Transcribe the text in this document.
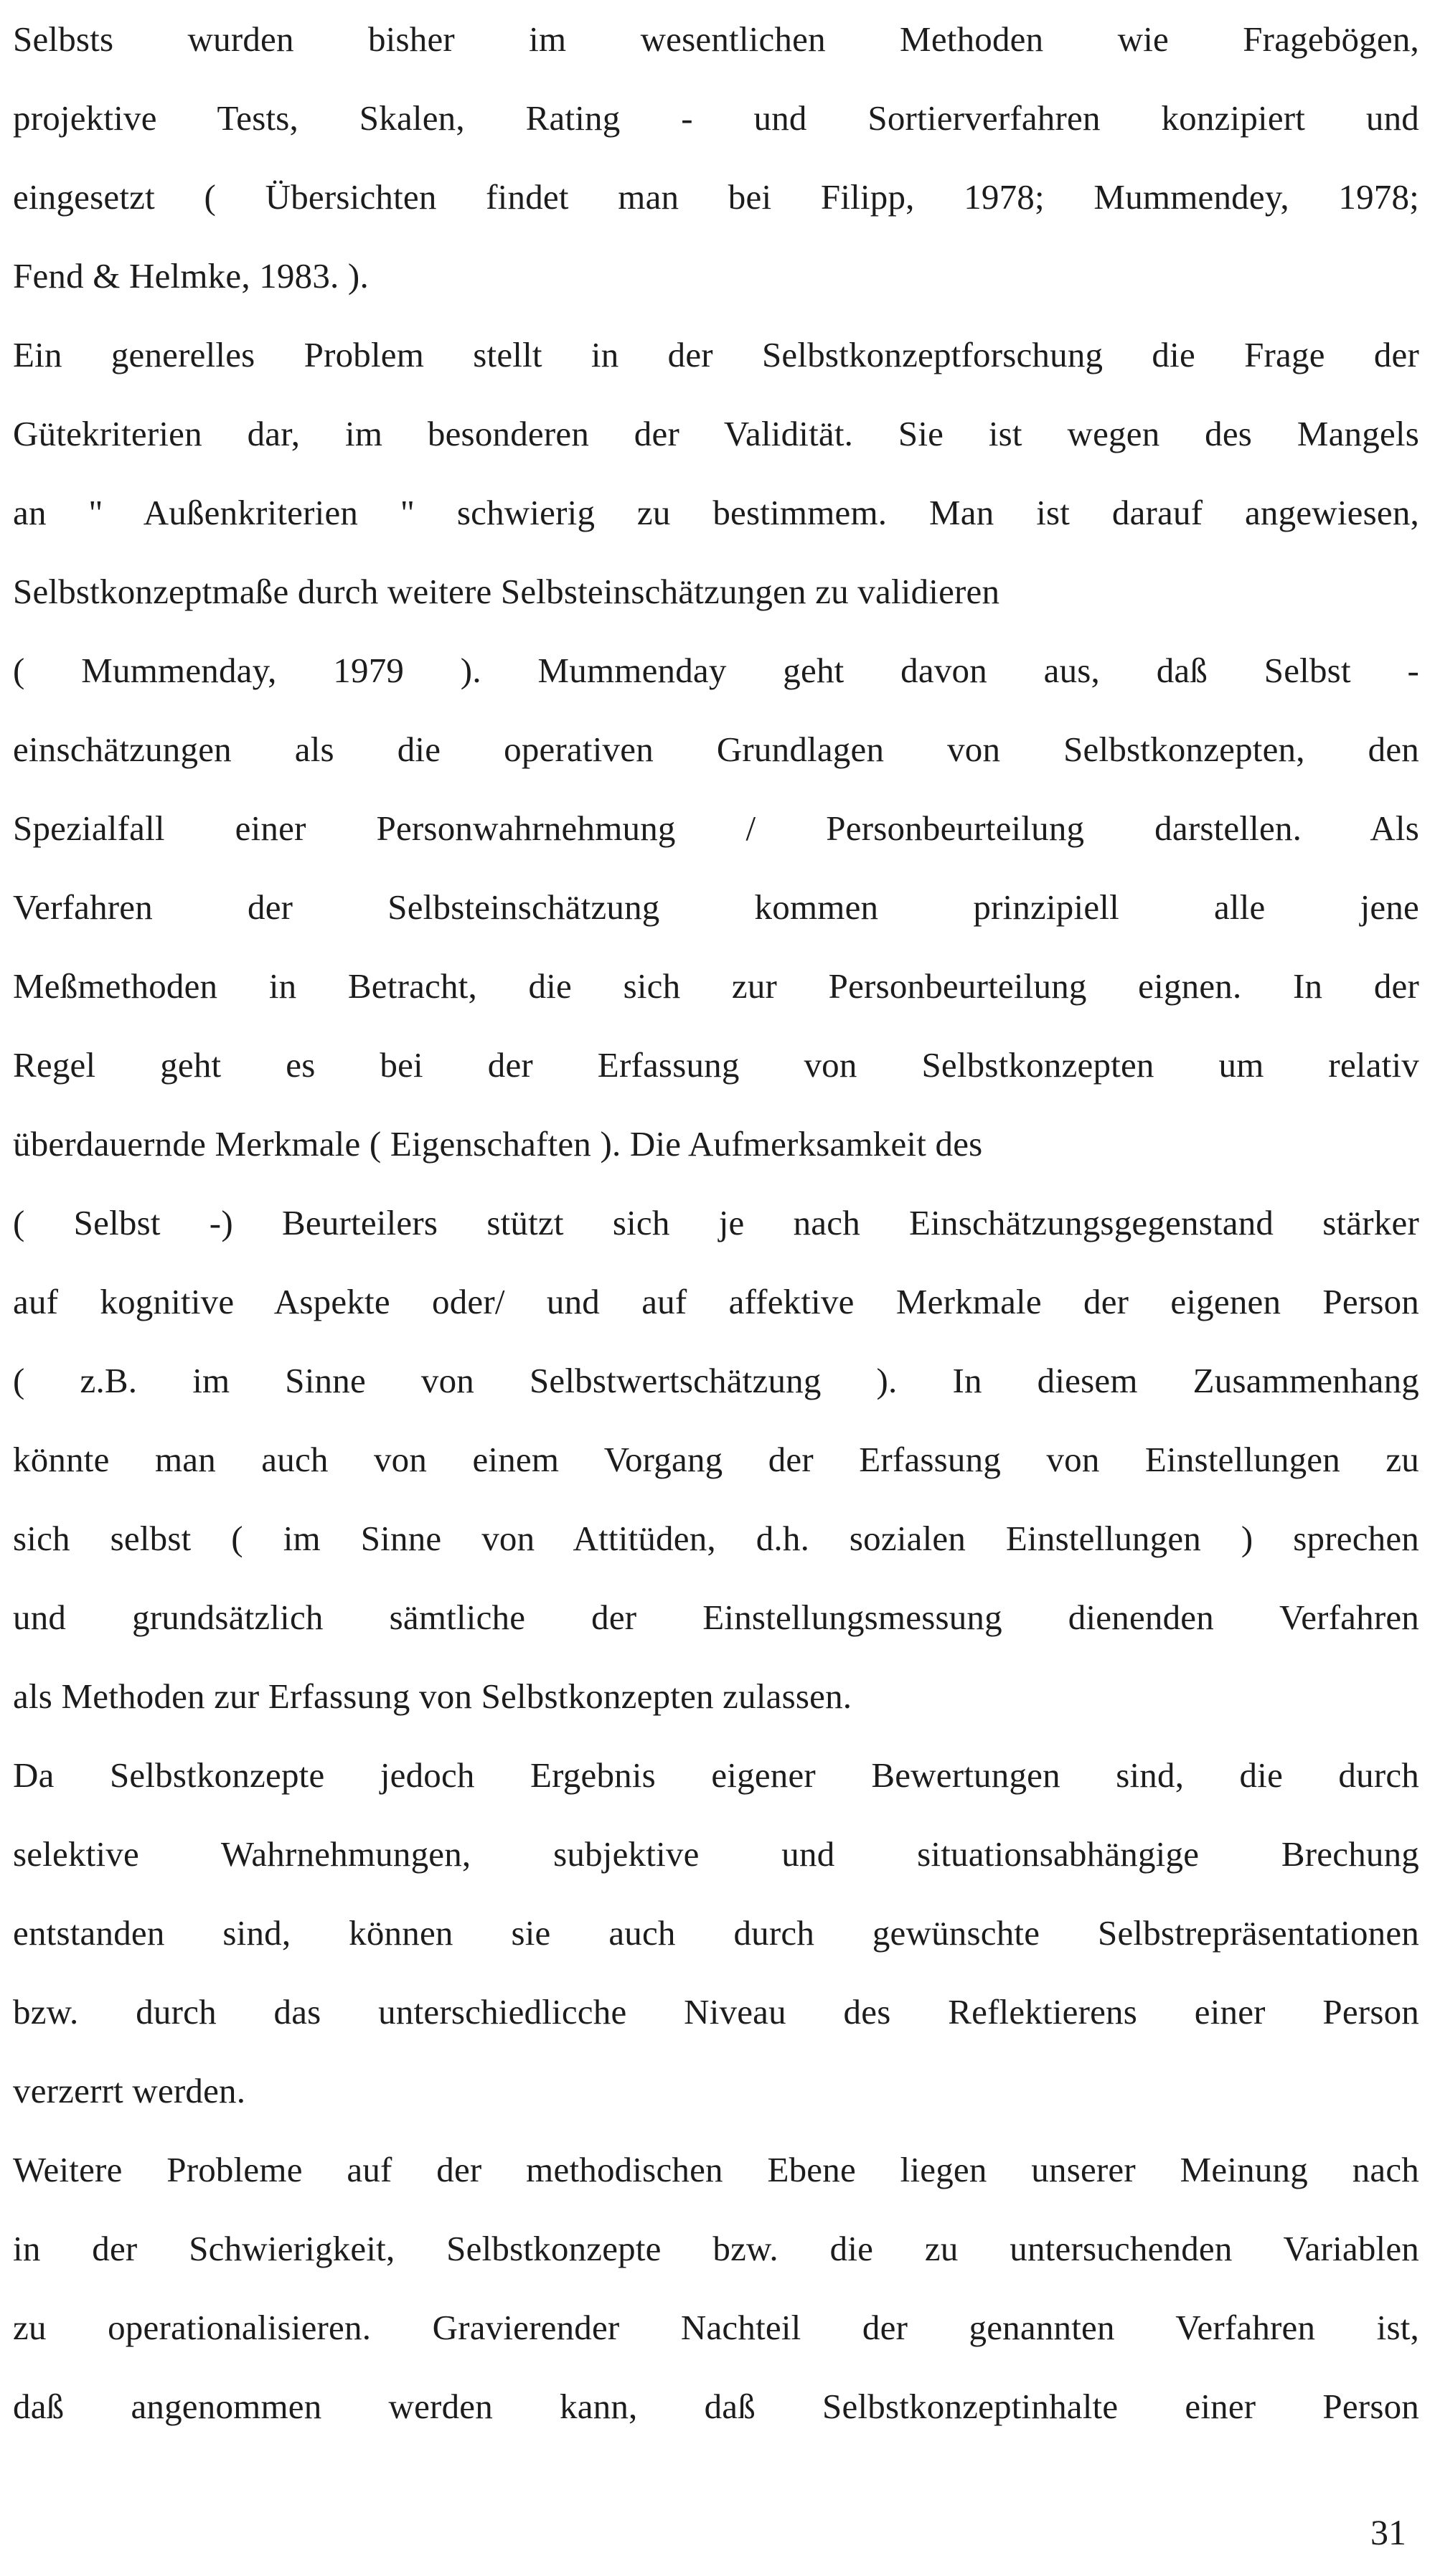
Selbsts wurden bisher im wesentlichen Methoden wie Fragebögen,
projektive Tests, Skalen, Rating - und Sortierverfahren konzipiert und
eingesetzt ( Übersichten findet man bei Filipp, 1978; Mummendey, 1978;
Fend & Helmke, 1983. ).
Ein generelles Problem stellt in der Selbstkonzeptforschung die Frage der
Gütekriterien dar, im besonderen der Validität. Sie ist wegen des Mangels
an " Außenkriterien " schwierig zu bestimmem. Man ist darauf angewiesen,
Selbstkonzeptmaße durch weitere Selbsteinschätzungen zu validieren
( Mummenday, 1979 ). Mummenday geht davon aus, daß Selbst -
einschätzungen als die operativen Grundlagen von Selbstkonzepten, den
Spezialfall einer Personwahrnehmung / Personbeurteilung darstellen. Als
Verfahren der Selbsteinschätzung kommen prinzipiell alle jene
Meßmethoden in Betracht, die sich zur Personbeurteilung eignen. In der
Regel geht es bei der Erfassung von Selbstkonzepten um relativ
überdauernde Merkmale ( Eigenschaften ). Die Aufmerksamkeit des
( Selbst -) Beurteilers stützt sich je nach Einschätzungsgegenstand stärker
auf kognitive Aspekte oder/ und auf affektive Merkmale der eigenen Person
( z.B. im Sinne von Selbstwertschätzung ). In diesem Zusammenhang
könnte man auch von einem Vorgang der Erfassung von Einstellungen zu
sich selbst ( im Sinne von Attitüden, d.h. sozialen Einstellungen ) sprechen
und grundsätzlich sämtliche der Einstellungsmessung dienenden Verfahren
als Methoden zur Erfassung von Selbstkonzepten zulassen.
Da Selbstkonzepte jedoch Ergebnis eigener Bewertungen sind, die durch
selektive Wahrnehmungen, subjektive und situationsabhängige Brechung
entstanden sind, können sie auch durch gewünschte Selbstrepräsentationen
bzw. durch das unterschiedlicche Niveau des Reflektierens einer Person
verzerrt werden.
Weitere Probleme auf der methodischen Ebene liegen unserer Meinung nach
in der Schwierigkeit, Selbstkonzepte bzw. die zu untersuchenden Variablen
zu operationalisieren. Gravierender Nachteil der genannten Verfahren ist,
daß angenommen werden kann, daß Selbstkonzeptinhalte einer Person
31
